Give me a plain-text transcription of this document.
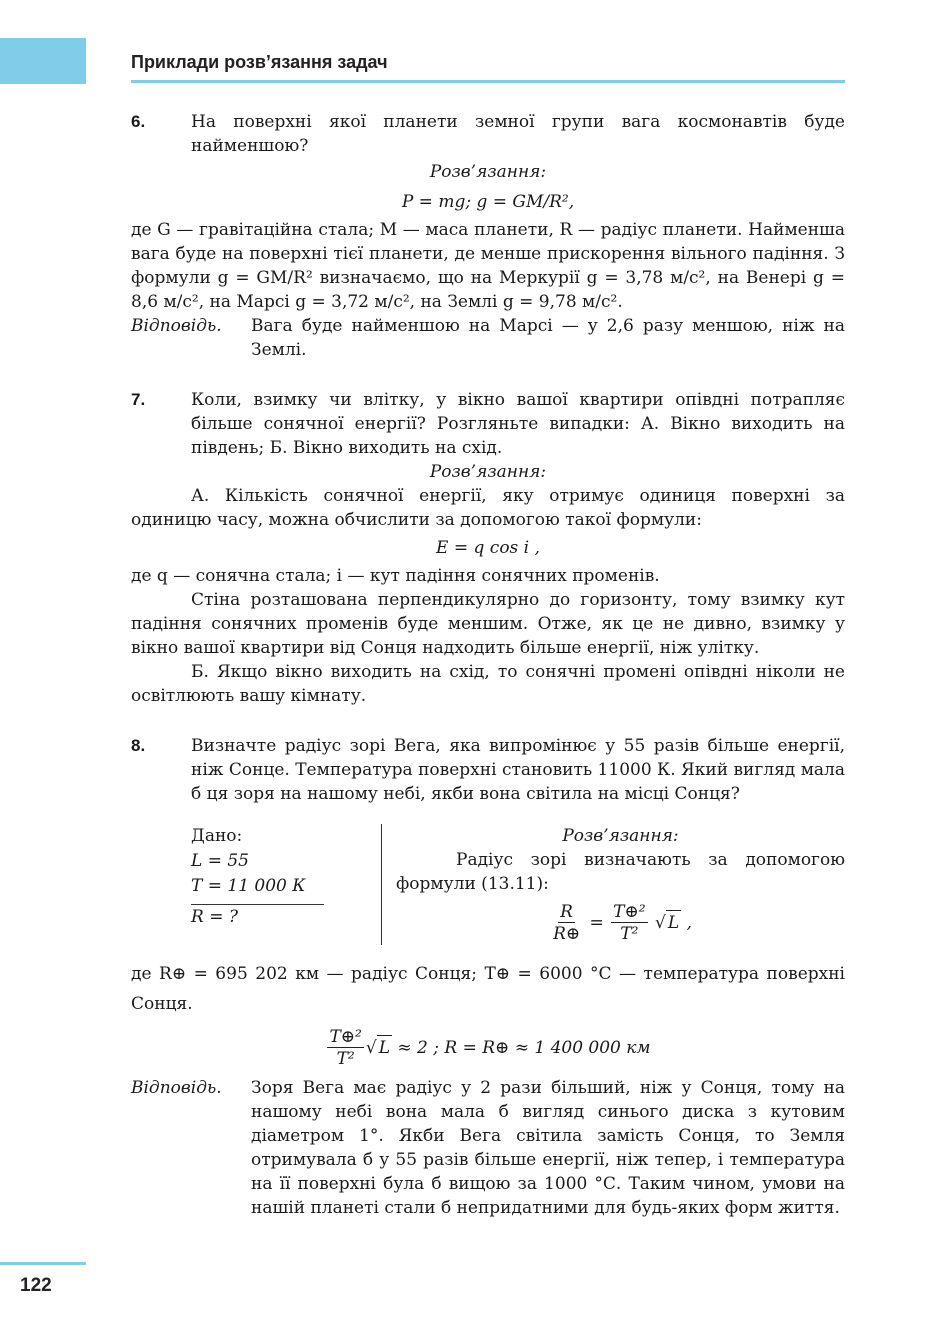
Приклади розв’язання задач
6.	На поверхні якої планети земної групи вага космонавтів буде найменшою?
Розв’язання:
P = mg; g = GM/R²,

де G — гравітаційна стала; M — маса планети, R — радіус планети. Найменша вага буде на поверхні тієї планети, де менше прискорення вільного падіння. З формули g = GM/R² визначаємо, що на Меркурії g = 3,78 м/с², на Венері g = 8,6 м/с², на Марсі g = 3,72 м/с², на Землі g = 9,78 м/с².

Відповідь.	Вага буде найменшою на Марсі — у 2,6 разу меншою, ніж на Землі.
7.	Коли, взимку чи влітку, у вікно вашої квартири опівдні потрапляє більше сонячної енергії? Розгляньте випадки: А. Вікно виходить на південь; Б. Вікно виходить на схід.
Розв’язання:

А. Кількість сонячної енергії, яку отримує одиниця поверхні за одиницю часу, можна обчислити за допомогою такої формули:

E = q cos i ,

де q — сонячна стала; i — кут падіння сонячних променів.

Стіна розташована перпендикулярно до горизонту, тому взимку кут падіння сонячних променів буде меншим. Отже, як це не дивно, взимку у вікно вашої квартири від Сонця надходить більше енергії, ніж улітку.

Б. Якщо вікно виходить на схід, то сонячні промені опівдні ніколи не освітлюють вашу кімнату.

8.	Визначте радіус зорі Вега, яка випромінює у 55 разів більше енергії, ніж Сонце. Температура поверхні становить 11000 К. Який вигляд мала б ця зоря на нашому небі, якби вона світила на місці Сонця?
Дано:
L = 55
T = 11 000 К
R = ?
Розв’язання:

Радіус зорі визначають за допомогою формули (13.11):

$\frac{R}{R\oplus} = \frac{\text{T⊕²}}{\text{T²}}$ √ L ,

де R⊕ = 695 202 км — радіус Сонця; T⊕ = 6000 °С — температура поверхні Сонця.

$\frac{\text{T⊕²}}{\text{T²}}$ √ L ≈ 2 ; R = R⊕ ≈ 1 400 000 км
Відповідь.	Зоря Вега має радіус у 2 рази більший, ніж у Сонця, тому на нашому небі вона мала б вигляд синього диска з кутовим діаметром 1°. Якби Вега світила замість Сонця, то Земля отримувала б у 55 разів більше енергії, ніж тепер, і температура на її поверхні була б вищою за 1000 °С. Таким чином, умови на нашій планеті стали б непридатними для будь-яких форм життя.
122
